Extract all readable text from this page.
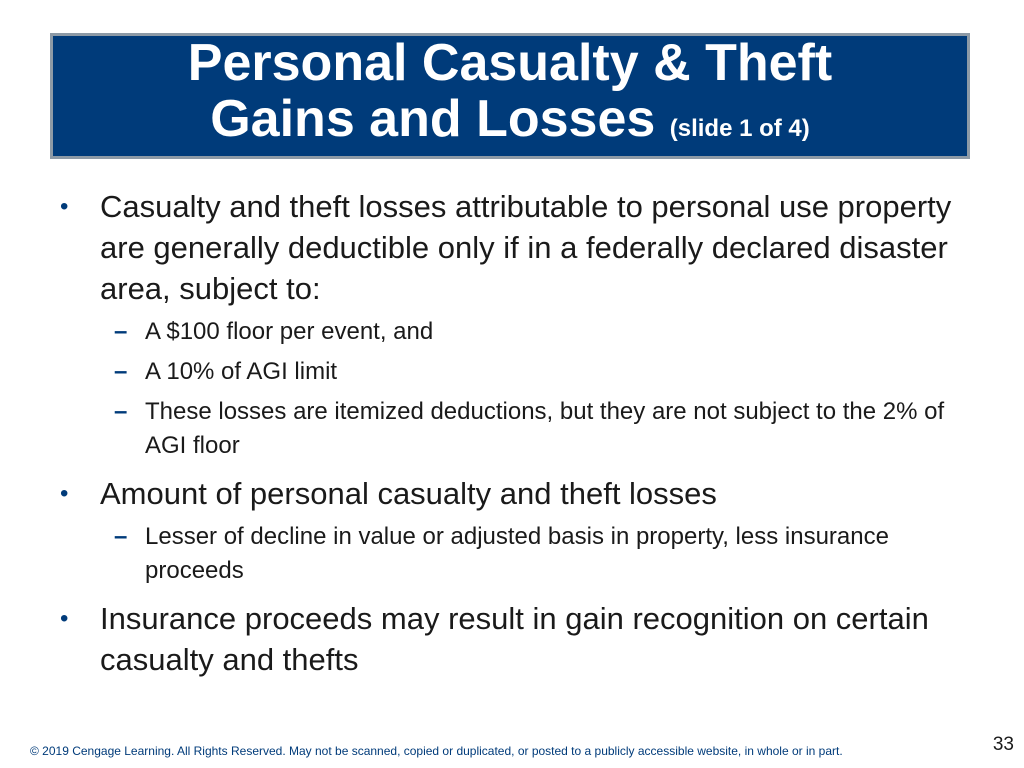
Personal Casualty & Theft
Gains and Losses (slide 1 of 4)
• Casualty and theft losses attributable to personal use property are generally deductible only if in a federally declared disaster area, subject to:
– A $100 floor per event, and
– A 10% of AGI limit
– These losses are itemized deductions, but they are not subject to the 2% of AGI floor
• Amount of personal casualty and theft losses
– Lesser of decline in value or adjusted basis in property, less insurance proceeds
• Insurance proceeds may result in gain recognition on certain casualty and thefts
© 2019 Cengage Learning. All Rights Reserved. May not be scanned, copied or duplicated, or posted to a publicly accessible website, in whole or in part.	33
